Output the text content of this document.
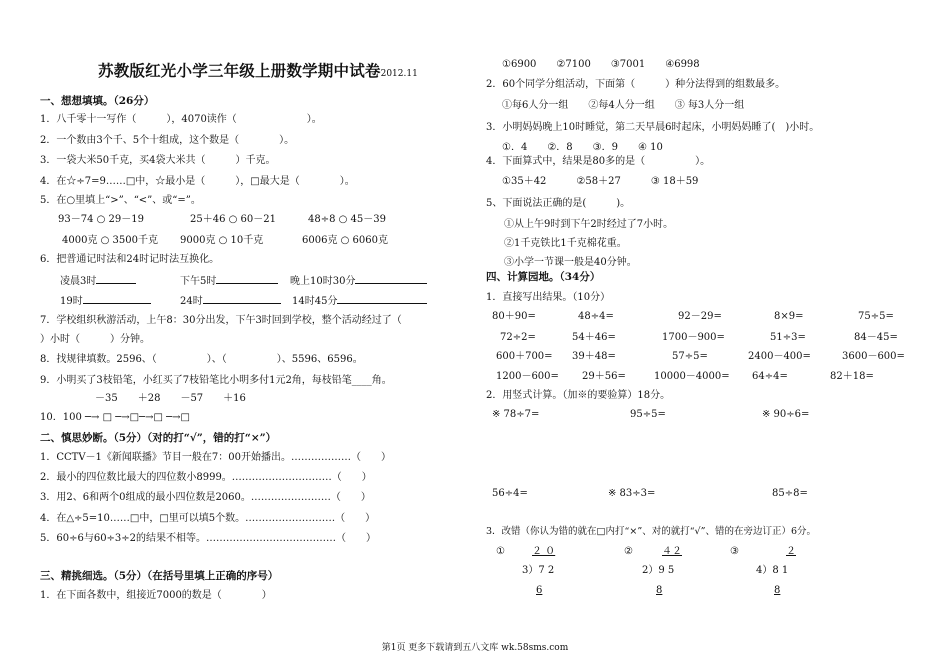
苏教版红光小学三年级上册数学期中试卷2012.11
一、想想填填。（26分）
1．八千零十一写作（　　　），4070读作（　　　　　　　）。
2．一个数由3个千、5个十组成，这个数是（　　　　）。
3．一袋大米50千克，买4袋大米共（　　　）千克。
4．在☆÷7=9……□中，☆最小是（　　　），□最大是（　　　　）。
5．在○里填上“>”、“<”、或“=”。
93－74 ○ 29－19	25＋46 ○ 60－21	48÷8 ○ 45－39
4000克 ○ 3500千克 9000克 ○ 10千克	6006克 ○ 6060克
6．把普通记时法和24时记时法互换化。
凌晨3时	下午5时	晚上10时30分
19时	24时	14时45分
7．学校组织秋游活动，上午8：30分出发，下午3时回到学校，整个活动经过了（
）小时（　　　）分钟。
8．找规律填数。2596、（　　　　　）、（　　　　　）、5596、6596。
9．小明买了3枝铅笔，小红买了7枝铅笔比小明多付1元2角，每枝铅笔____角。
－35　　＋28　　－57　　＋16
10．100 ─→ □ ─→□─→□ ─→□
二、慎思妙断。（5分）（对的打“√”，错的打“×”）
1．CCTV－1《新闻联播》节目一般在7：00开始播出。………………（　　）
2．最小的四位数比最大的四位数小8999。…………………………（　　）
3．用2、6和两个0组成的最小四位数是2060。……………………（　　）
4．在△÷5=10……□中，□里可以填5个数。………………………（　　）
5．60÷6与60÷3÷2的结果不相等。…………………………………（　　）
三、精挑细选。（5分）（在括号里填上正确的序号）
1．在下面各数中，组接近7000的数是（　　　　）
①6900　　②7100　　③7001　　④6998
2．60个同学分组活动，下面第（　　　）种分法得到的组数最多。
①每6人分一组　　②每4人分一组　　③ 每3人分一组
3．小明妈妈晚上10时睡觉，第二天早晨6时起床，小明妈妈睡了(　)小时。
①．4　　②．8　　③．9　　④ 10
4．下面算式中，结果是80多的是（　　　　　）。
①35＋42　　　②58＋27　　　③ 18＋59
5、下面说法正确的是(　　　)。
①从上午9时到下午2时经过了7小时。
②1千克铁比1千克棉花重。
③小学一节课一般是40分钟。
四、计算园地。（34分）
1．直接写出结果。（10分）
80＋90=	48÷4=	92－29=	8×9=	75÷5=
72÷2=	54＋46=	1700－900=	51÷3=	84－45=
600＋700= 39＋48=	57÷5=	2400－400=	3600－600=
1200－600= 29＋56=	10000－4000= 64÷4=	82＋18=
2．用竖式计算。（加※的要验算）18分。
※ 78÷7=	95÷5=	※ 90÷6=
56÷4=	※ 83÷3=	85÷8=
3．改错（你认为错的就在□内打“×”、对的就打“√”、错的在旁边订正）6分。
①	２ ０
3）7 2
6
②	４２
2）9 5
8
③	２
4）8 1
8
第1页 更多下载请到五八文库 wk.58sms.com
